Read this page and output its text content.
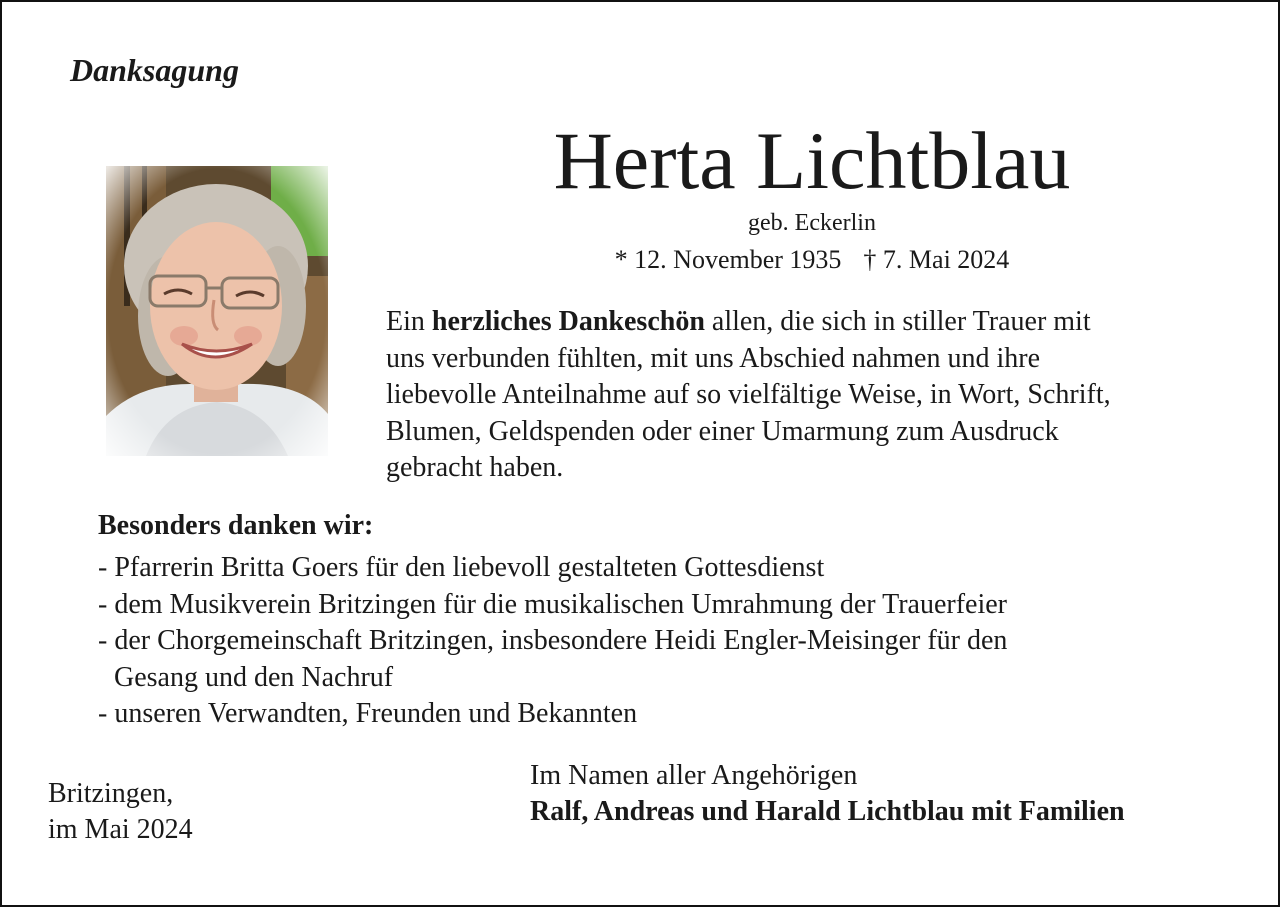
Danksagung
Herta Lichtblau
geb. Eckerlin
* 12. November 1935 † 7. Mai 2024
Ein herzliches Dankeschön allen, die sich in stiller Trauer mit
uns verbunden fühlten, mit uns Abschied nahmen und ihre
liebevolle Anteilnahme auf so vielfältige Weise, in Wort, Schrift,
Blumen, Geldspenden oder einer Umarmung zum Ausdruck
gebracht haben.
Besonders danken wir:
- Pfarrerin Britta Goers für den liebevoll gestalteten Gottesdienst
- dem Musikverein Britzingen für die musikalischen Umrahmung der Trauerfeier
- der Chorgemeinschaft Britzingen, insbesondere Heidi Engler-Meisinger für den
Gesang und den Nachruf
- unseren Verwandten, Freunden und Bekannten
Britzingen,
im Mai 2024
Im Namen aller Angehörigen
Ralf, Andreas und Harald Lichtblau mit Familien
